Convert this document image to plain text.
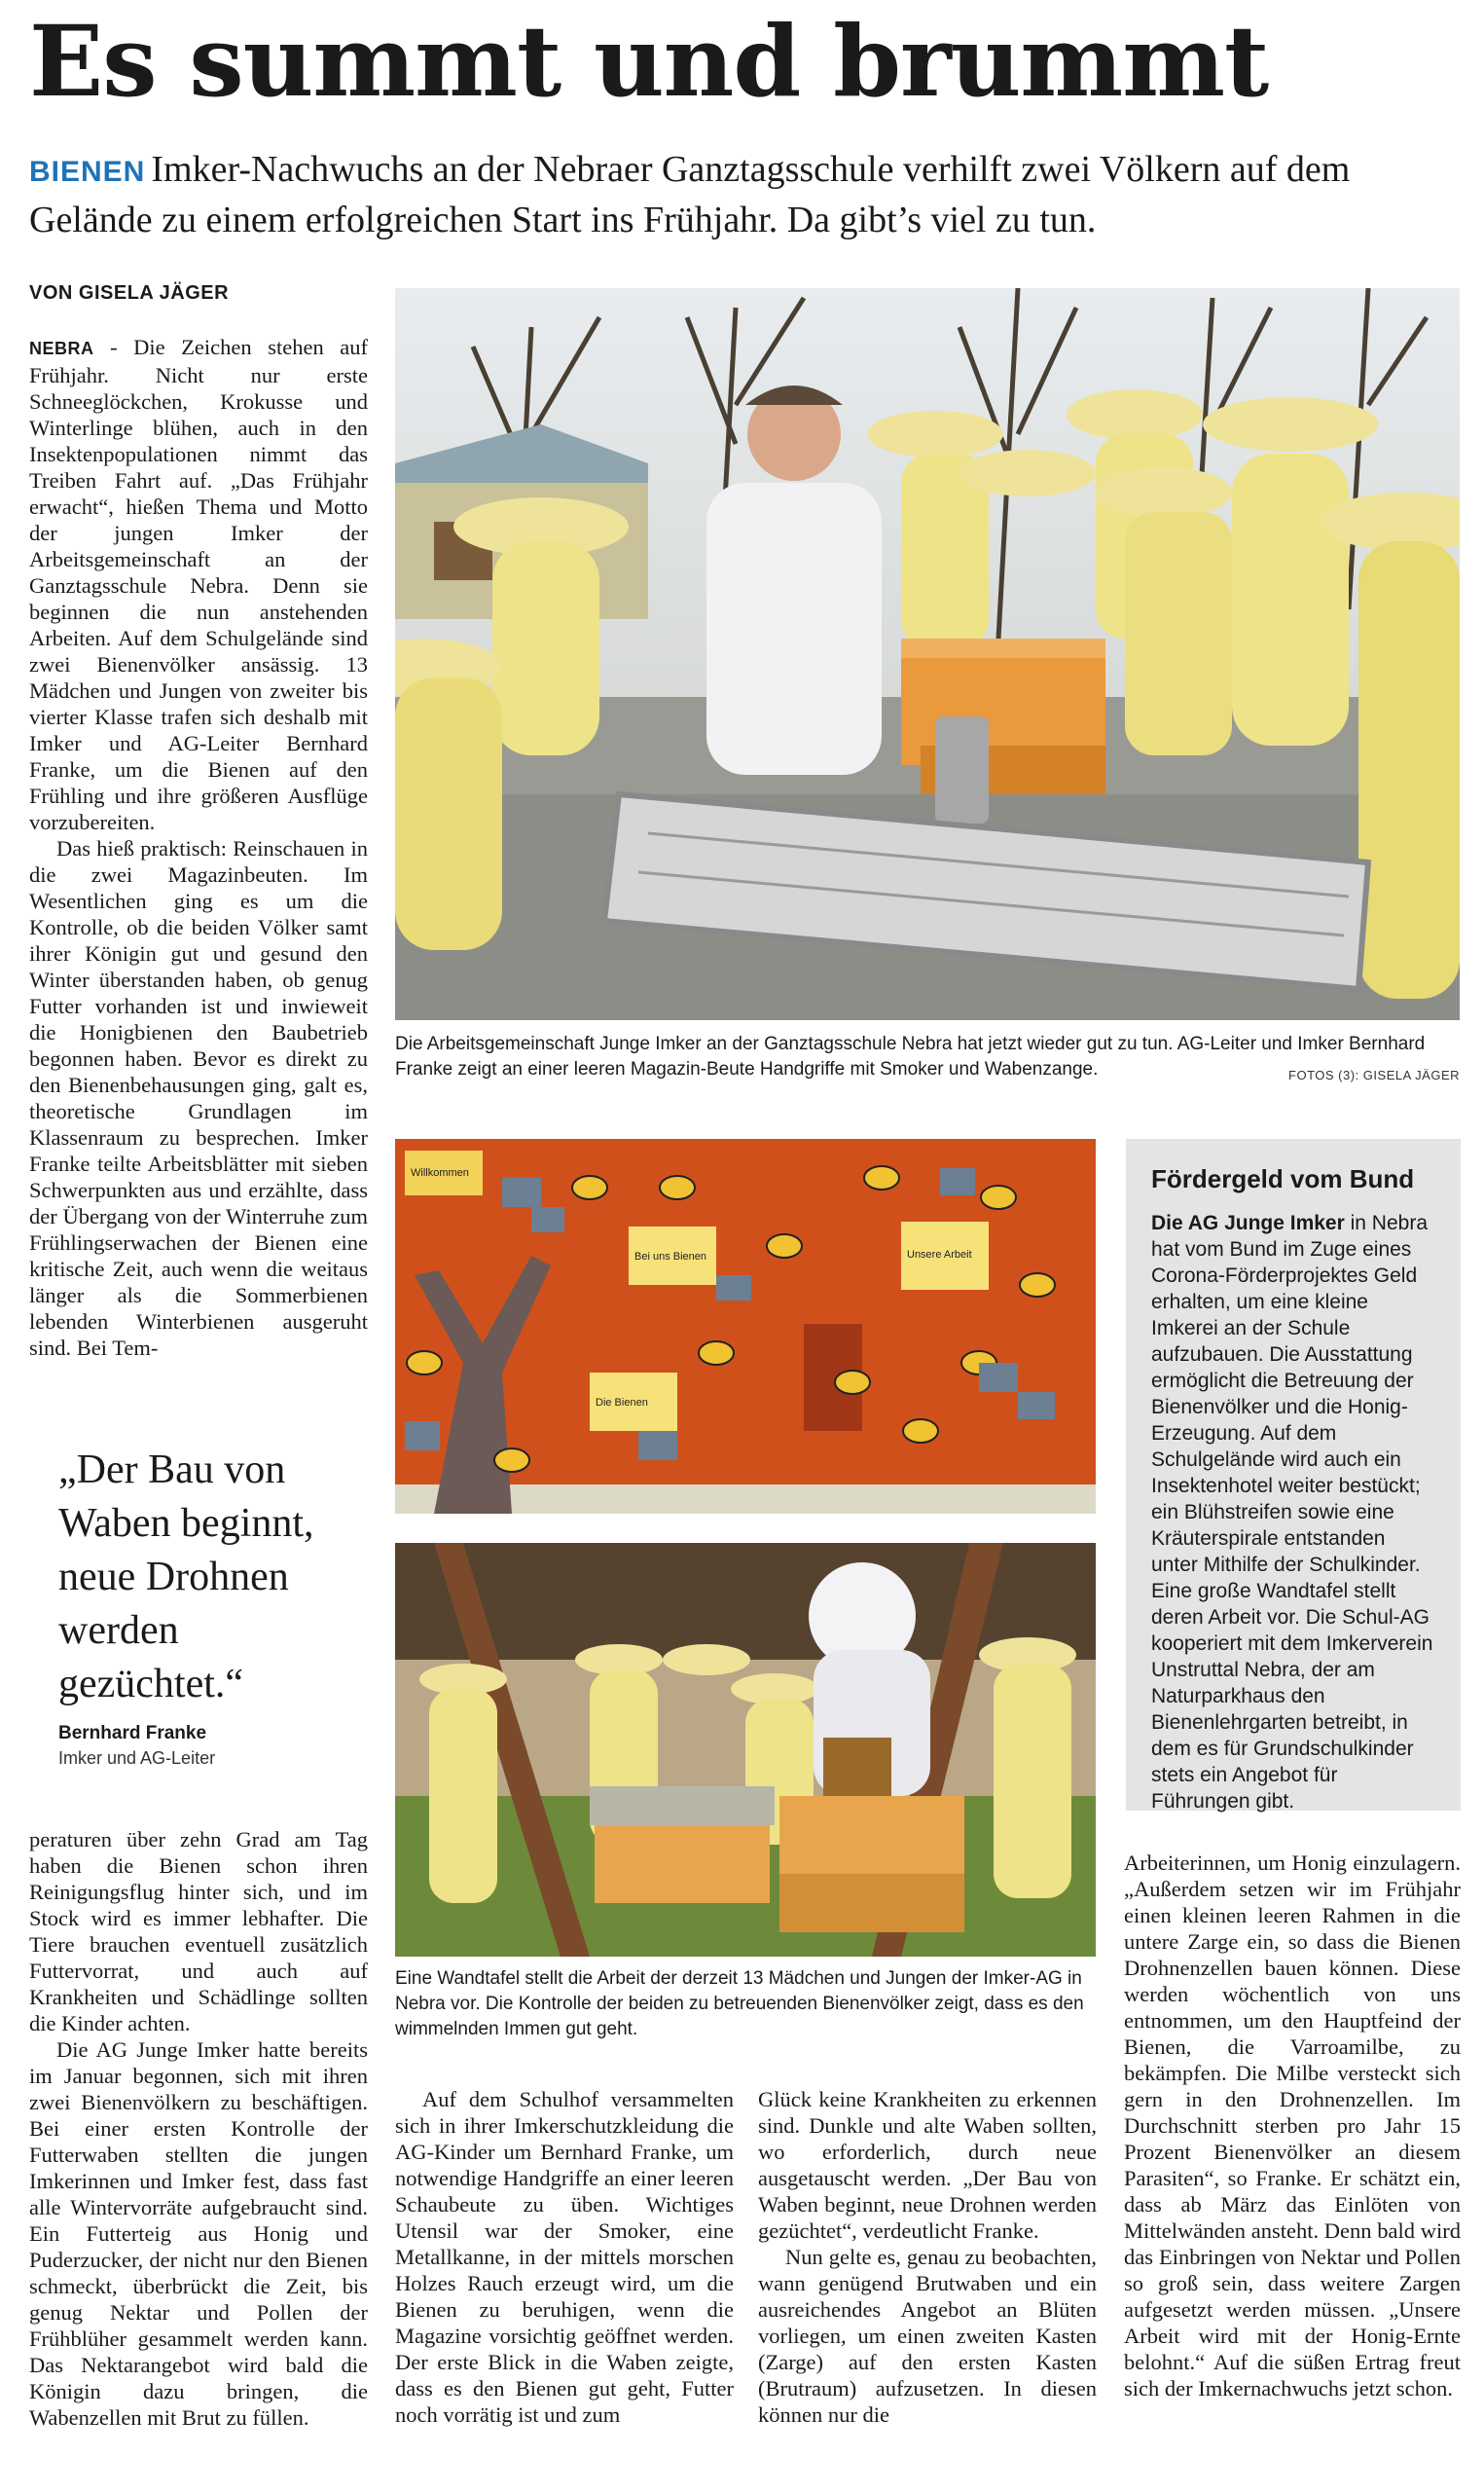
Es summt und brummt
BIENEN Imker-Nachwuchs an der Nebraer Ganztagsschule verhilft zwei Völkern auf dem Gelände zu einem erfolgreichen Start ins Frühjahr. Da gibt’s viel zu tun.
VON GISELA JÄGER

NEBRA - Die Zeichen stehen auf Frühjahr. Nicht nur erste Schneeglöckchen, Krokusse und Winterlinge blühen, auch in den Insektenpopulationen nimmt das Treiben Fahrt auf. „Das Frühjahr erwacht“, hießen Thema und Motto der jungen Imker der Arbeitsgemeinschaft an der Ganztagsschule Nebra. Denn sie beginnen die nun anstehenden Arbeiten. Auf dem Schulgelände sind zwei Bienenvölker ansässig. 13 Mädchen und Jungen von zweiter bis vierter Klasse trafen sich deshalb mit Imker und AG-Leiter Bernhard Franke, um die Bienen auf den Frühling und ihre größeren Ausflüge vorzubereiten.

Das hieß praktisch: Reinschauen in die zwei Magazinbeuten. Im Wesentlichen ging es um die Kontrolle, ob die beiden Völker samt ihrer Königin gut und gesund den Winter überstanden haben, ob genug Futter vorhanden ist und inwieweit die Honigbienen den Baubetrieb begonnen haben. Bevor es direkt zu den Bienenbehausungen ging, galt es, theoretische Grundlagen im Klassenraum zu besprechen. Imker Franke teilte Arbeitsblätter mit sieben Schwerpunkten aus und erzählte, dass der Übergang von der Winterruhe zum Frühlingserwachen der Bienen eine kritische Zeit, auch wenn die weitaus länger als die Sommerbienen lebenden Winterbienen ausgeruht sind. Bei Tem-

„Der Bau von Waben beginnt, neue Drohnen werden gezüchtet.“
Bernhard Franke
Imker und AG-Leiter

peraturen über zehn Grad am Tag haben die Bienen schon ihren Reinigungsflug hinter sich, und im Stock wird es immer lebhafter. Die Tiere brauchen eventuell zusätzlich Futtervorrat, und auch auf Krankheiten und Schädlinge sollten die Kinder achten.

Die AG Junge Imker hatte bereits im Januar begonnen, sich mit ihren zwei Bienenvölkern zu beschäftigen. Bei einer ersten Kontrolle der Futterwaben stellten die jungen Imkerinnen und Imker fest, dass fast alle Wintervorräte aufgebraucht sind. Ein Futterteig aus Honig und Puderzucker, der nicht nur den Bienen schmeckt, überbrückt die Zeit, bis genug Nektar und Pollen der Frühblüher gesammelt werden kann. Das Nektarangebot wird bald die Königin dazu bringen, die Wabenzellen mit Brut zu füllen.

Die Arbeitsgemeinschaft Junge Imker an der Ganztagsschule Nebra hat jetzt wieder gut zu tun. AG-Leiter und Imker Bernhard Franke zeigt an einer leeren Magazin-Beute Handgriffe mit Smoker und Wabenzange.	FOTOS (3): GISELA JÄGER
Willkommen
Bei uns Bienen	Unsere Arbeit
Die Bienen
Eine Wandtafel stellt die Arbeit der derzeit 13 Mädchen und Jungen der Imker-AG in Nebra vor. Die Kontrolle der beiden zu betreuenden Bienenvölker zeigt, dass es den wimmelnden Immen gut geht.
Fördergeld vom Bund
Die AG Junge Imker in Nebra hat vom Bund im Zuge eines Corona-Förderprojektes Geld erhalten, um eine kleine Imkerei an der Schule aufzubauen. Die Ausstattung ermöglicht die Betreuung der Bienenvölker und die Honig-Erzeugung. Auf dem Schulgelände wird auch ein Insektenhotel weiter bestückt; ein Blühstreifen sowie eine Kräuterspirale entstanden unter Mithilfe der Schulkinder. Eine große Wandtafel stellt deren Arbeit vor. Die Schul-AG kooperiert mit dem Imkerverein Unstruttal Nebra, der am Naturparkhaus den Bienenlehrgarten betreibt, in dem es für Grundschulkinder stets ein Angebot für Führungen gibt.

Auf dem Schulhof versammelten sich in ihrer Imkerschutzkleidung die AG-Kinder um Bernhard Franke, um notwendige Handgriffe an einer leeren Schaubeute zu üben. Wichtiges Utensil war der Smoker, eine Metallkanne, in der mittels morschen Holzes Rauch erzeugt wird, um die Bienen zu beruhigen, wenn die Magazine vorsichtig geöffnet werden. Der erste Blick in die Waben zeigte, dass es den Bienen gut geht, Futter noch vorrätig ist und zum

Glück keine Krankheiten zu erkennen sind. Dunkle und alte Waben sollten, wo erforderlich, durch neue ausgetauscht werden. „Der Bau von Waben beginnt, neue Drohnen werden gezüchtet“, verdeutlicht Franke.

Nun gelte es, genau zu beobachten, wann genügend Brutwaben und ein ausreichendes Angebot an Blüten vorliegen, um einen zweiten Kasten (Zarge) auf den ersten Kasten (Brutraum) aufzusetzen. In diesen können nur die

Arbeiterinnen, um Honig einzulagern. „Außerdem setzen wir im Frühjahr einen kleinen leeren Rahmen in die untere Zarge ein, so dass die Bienen Drohnenzellen bauen können. Diese werden wöchentlich von uns entnommen, um den Hauptfeind der Bienen, die Varroamilbe, zu bekämpfen. Die Milbe versteckt sich gern in den Drohnenzellen. Im Durchschnitt sterben pro Jahr 15 Prozent Bienenvölker an diesem Parasiten“, so Franke. Er schätzt ein, dass ab März das Einlöten von Mittelwänden ansteht. Denn bald wird das Einbringen von Nektar und Pollen so groß sein, dass weitere Zargen aufgesetzt werden müssen. „Unsere Arbeit wird mit der Honig-Ernte belohnt.“ Auf die süßen Ertrag freut sich der Imkernachwuchs jetzt schon.
